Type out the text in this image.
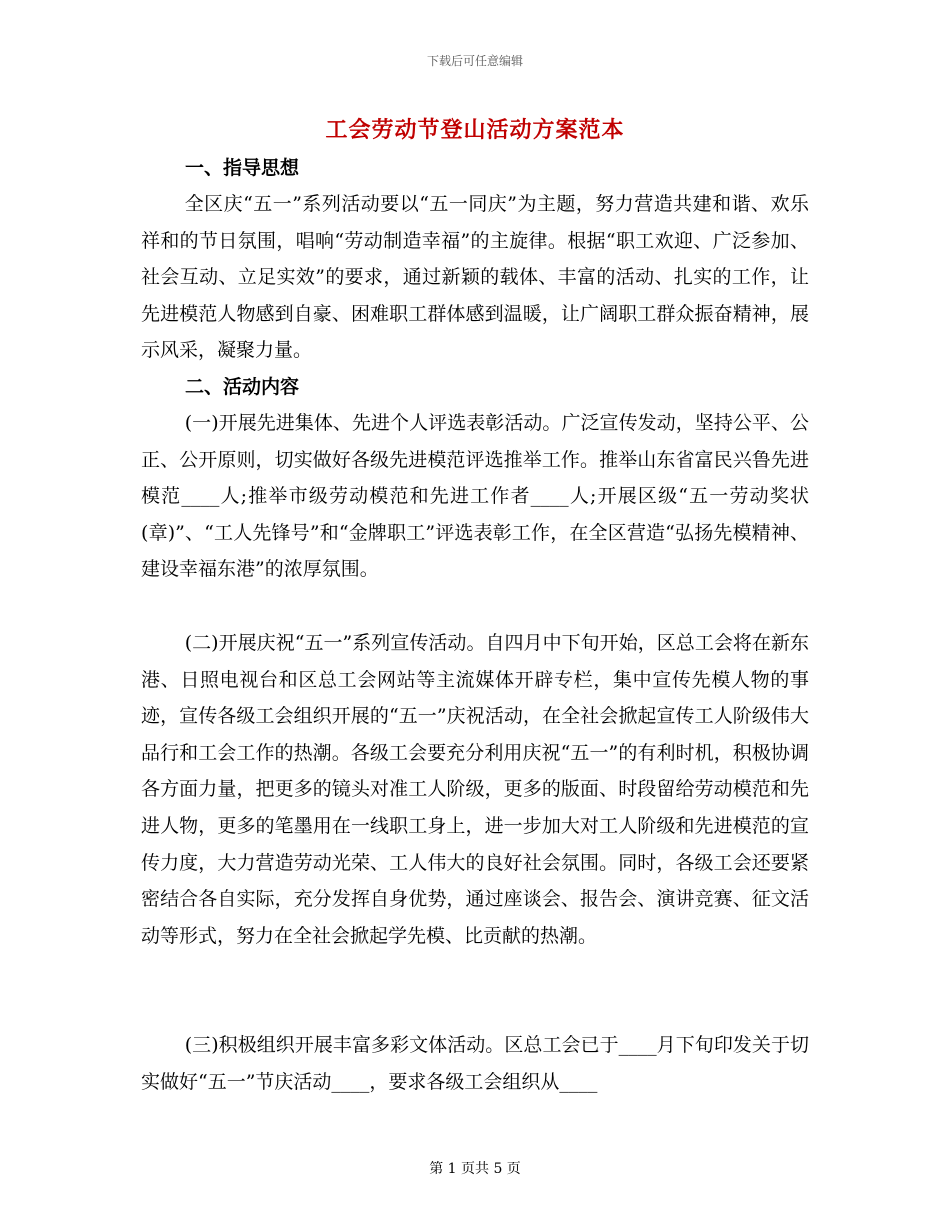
下载后可任意编辑
工会劳动节登山活动方案范本
一、指导思想

全区庆“五一”系列活动要以“五一同庆”为主题，努力营造共建和谐、欢乐祥和的节日氛围，唱响“劳动制造幸福”的主旋律。根据“职工欢迎、广泛参加、社会互动、立足实效”的要求，通过新颖的载体、丰富的活动、扎实的工作，让先进模范人物感到自豪、困难职工群体感到温暖，让广阔职工群众振奋精神，展示风采，凝聚力量。

二、活动内容

(一)开展先进集体、先进个人评选表彰活动。广泛宣传发动，坚持公平、公正、公开原则，切实做好各级先进模范评选推举工作。推举山东省富民兴鲁先进模范____人;推举市级劳动模范和先进工作者____人;开展区级“五一劳动奖状(章)”、“工人先锋号”和“金牌职工”评选表彰工作，在全区营造“弘扬先模精神、建设幸福东港”的浓厚氛围。

(二)开展庆祝“五一”系列宣传活动。自四月中下旬开始，区总工会将在新东港、日照电视台和区总工会网站等主流媒体开辟专栏，集中宣传先模人物的事迹，宣传各级工会组织开展的“五一”庆祝活动，在全社会掀起宣传工人阶级伟大品行和工会工作的热潮。各级工会要充分利用庆祝“五一”的有利时机，积极协调各方面力量，把更多的镜头对准工人阶级，更多的版面、时段留给劳动模范和先进人物，更多的笔墨用在一线职工身上，进一步加大对工人阶级和先进模范的宣传力度，大力营造劳动光荣、工人伟大的良好社会氛围。同时，各级工会还要紧密结合各自实际，充分发挥自身优势，通过座谈会、报告会、演讲竞赛、征文活动等形式，努力在全社会掀起学先模、比贡献的热潮。

(三)积极组织开展丰富多彩文体活动。区总工会已于____月下旬印发关于切实做好“五一”节庆活动____，要求各级工会组织从____

第 1 页共 5 页
